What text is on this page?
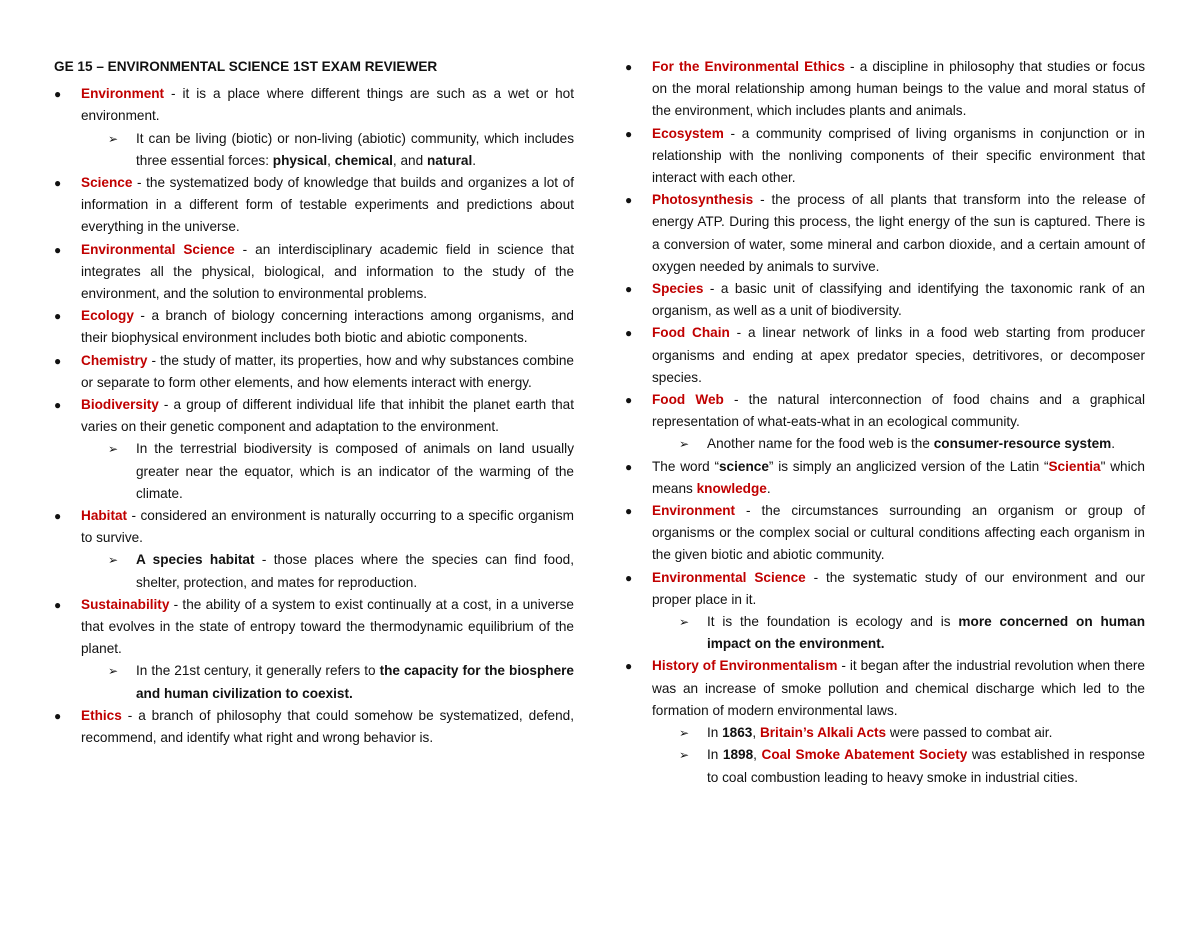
GE 15 – ENVIRONMENTAL SCIENCE 1ST EXAM REVIEWER
●	Environment - it is a place where different things are such as a wet or hot environment.
➢ It can be living (biotic) or non-living (abiotic) community, which includes three essential forces: physical, chemical, and natural.
●	Science - the systematized body of knowledge that builds and organizes a lot of information in a different form of testable experiments and predictions about everything in the universe.
●	Environmental Science - an interdisciplinary academic field in science that integrates all the physical, biological, and information to the study of the environment, and the solution to environmental problems.
●	Ecology - a branch of biology concerning interactions among organisms, and their biophysical environment includes both biotic and abiotic components.
●	Chemistry - the study of matter, its properties, how and why substances combine or separate to form other elements, and how elements interact with energy.
●	Biodiversity - a group of different individual life that inhibit the planet earth that varies on their genetic component and adaptation to the environment.
➢ In the terrestrial biodiversity is composed of animals on land usually greater near the equator, which is an indicator of the warming of the climate.
●	Habitat - considered an environment is naturally occurring to a specific organism to survive.
➢ A species habitat - those places where the species can find food, shelter, protection, and mates for reproduction.
●	Sustainability - the ability of a system to exist continually at a cost, in a universe that evolves in the state of entropy toward the thermodynamic equilibrium of the planet.
➢ In the 21st century, it generally refers to the capacity for the biosphere and human civilization to coexist.
●	Ethics - a branch of philosophy that could somehow be systematized, defend, recommend, and identify what right and wrong behavior is.
●	For the Environmental Ethics - a discipline in philosophy that studies or focus on the moral relationship among human beings to the value and moral status of the environment, which includes plants and animals.
●	Ecosystem - a community comprised of living organisms in conjunction or in relationship with the nonliving components of their specific environment that interact with each other.
●	Photosynthesis - the process of all plants that transform into the release of energy ATP. During this process, the light energy of the sun is captured. There is a conversion of water, some mineral and carbon dioxide, and a certain amount of oxygen needed by animals to survive.
●	Species - a basic unit of classifying and identifying the taxonomic rank of an organism, as well as a unit of biodiversity.
●	Food Chain - a linear network of links in a food web starting from producer organisms and ending at apex predator species, detritivores, or decomposer species.
●	Food Web - the natural interconnection of food chains and a graphical representation of what-eats-what in an ecological community.
➢ Another name for the food web is the consumer-resource system.
●	The word “science” is simply an anglicized version of the Latin “Scientia" which means knowledge.
●	Environment - the circumstances surrounding an organism or group of organisms or the complex social or cultural conditions affecting each organism in the given biotic and abiotic community.
●	Environmental Science - the systematic study of our environment and our proper place in it.
➢ It is the foundation is ecology and is more concerned on human impact on the environment.
●	History of Environmentalism - it began after the industrial revolution when there was an increase of smoke pollution and chemical discharge which led to the formation of modern environmental laws.
➢ In 1863, Britain’s Alkali Acts were passed to combat air.
➢ In 1898, Coal Smoke Abatement Society was established in response to coal combustion leading to heavy smoke in industrial cities.
